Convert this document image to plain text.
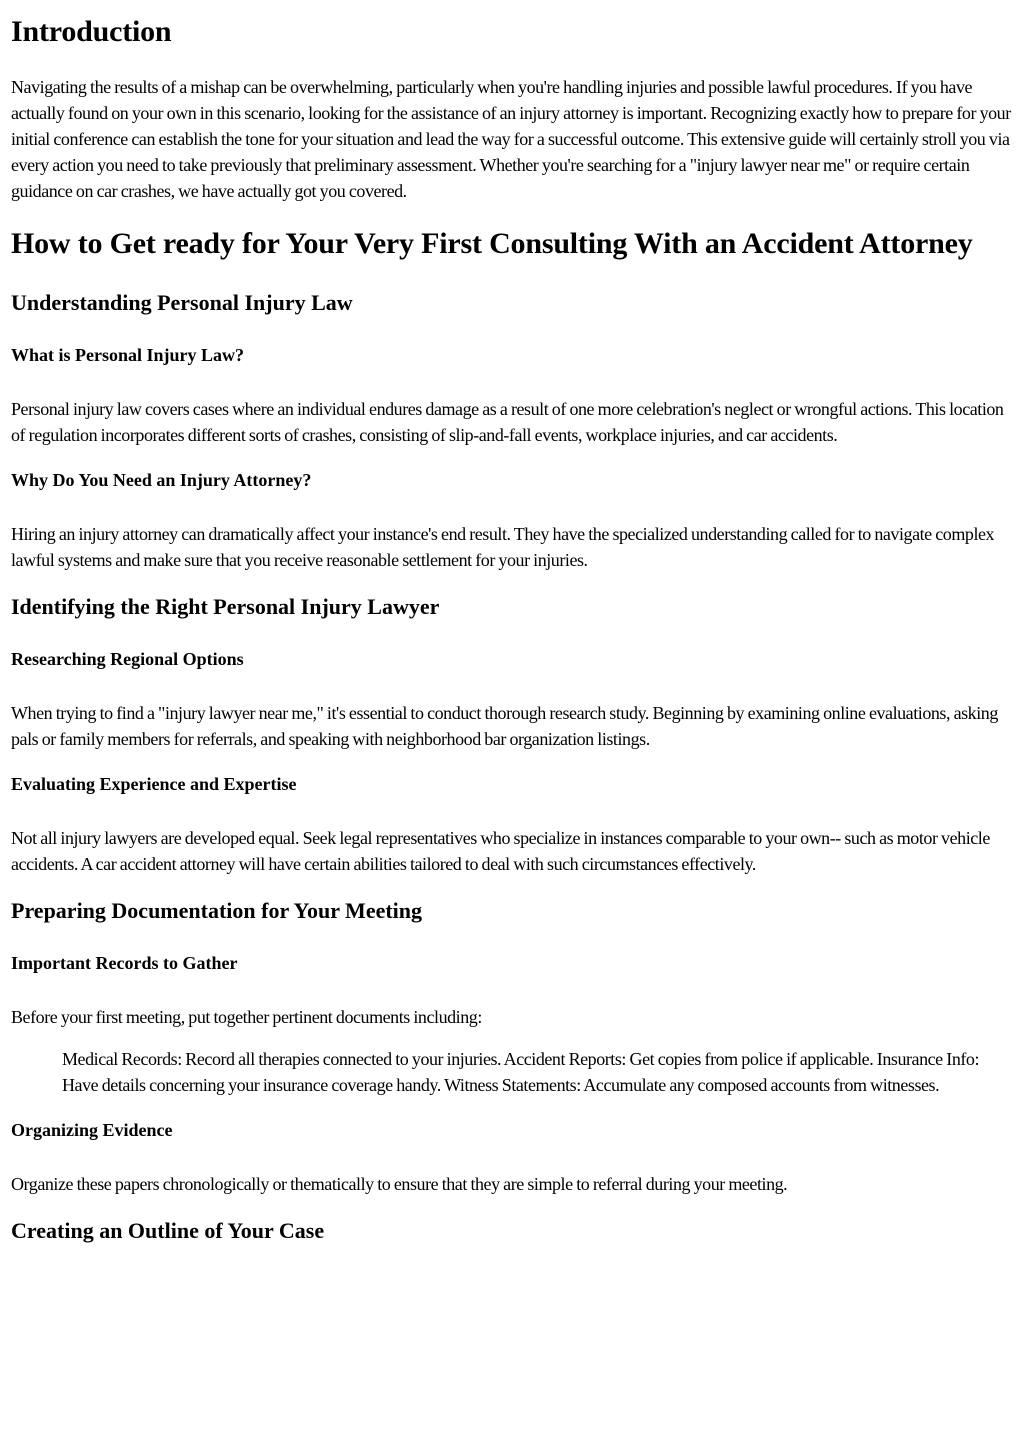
Introduction

Navigating the results of a mishap can be overwhelming, particularly when you're handling injuries and possible lawful procedures. If you have actually found on your own in this scenario, looking for the assistance of an injury attorney is important. Recognizing exactly how to prepare for your initial conference can establish the tone for your situation and lead the way for a successful outcome. This extensive guide will certainly stroll you via every action you need to take previously that preliminary assessment. Whether you're searching for a "injury lawyer near me" or require certain guidance on car crashes, we have actually got you covered.

How to Get ready for Your Very First Consulting With an Accident Attorney
Understanding Personal Injury Law
What is Personal Injury Law?

Personal injury law covers cases where an individual endures damage as a result of one more celebration's neglect or wrongful actions. This location of regulation incorporates different sorts of crashes, consisting of slip-and-fall events, workplace injuries, and car accidents.

Why Do You Need an Injury Attorney?

Hiring an injury attorney can dramatically affect your instance's end result. They have the specialized understanding called for to navigate complex lawful systems and make sure that you receive reasonable settlement for your injuries.

Identifying the Right Personal Injury Lawyer
Researching Regional Options

When trying to find a "injury lawyer near me," it's essential to conduct thorough research study. Beginning by examining online evaluations, asking pals or family members for referrals, and speaking with neighborhood bar organization listings.

Evaluating Experience and Expertise

Not all injury lawyers are developed equal. Seek legal representatives who specialize in instances comparable to your own-- such as motor vehicle accidents. A car accident attorney will have certain abilities tailored to deal with such circumstances effectively.

Preparing Documentation for Your Meeting
Important Records to Gather

Before your first meeting, put together pertinent documents including:

Medical Records: Record all therapies connected to your injuries. Accident Reports: Get copies from police if applicable. Insurance Info: Have details concerning your insurance coverage handy. Witness Statements: Accumulate any composed accounts from witnesses.
Organizing Evidence

Organize these papers chronologically or thematically to ensure that they are simple to referral during your meeting.

Creating an Outline of Your Case
